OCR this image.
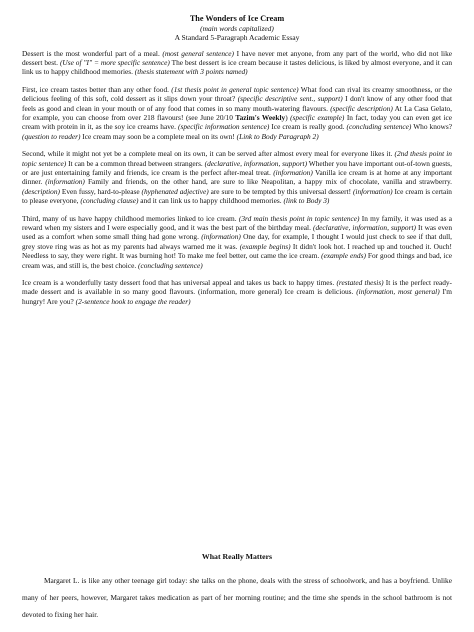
The Wonders of Ice Cream
(main words capitalized)
A Standard 5-Paragraph Academic Essay

Dessert is the most wonderful part of a meal. (most general sentence) I have never met anyone, from any part of the world, who did not like dessert best. (Use of "I" = more specific sentence) The best dessert is ice cream because it tastes delicious, is liked by almost everyone, and it can link us to happy childhood memories. (thesis statement with 3 points named)

First, ice cream tastes better than any other food. (1st thesis point in general topic sentence) What food can rival its creamy smoothness, or the delicious feeling of this soft, cold dessert as it slips down your throat? (specific descriptive sent., support) I don't know of any other food that feels as good and clean in your mouth or of any food that comes in so many mouth-watering flavours. (specific description) At La Casa Gelato, for example, you can choose from over 218 flavours! (see June 20/10 Tazim's Weekly) (specific example) In fact, today you can even get ice cream with protein in it, as the soy ice creams have. (specific information sentence) Ice cream is really good. (concluding sentence) Who knows? (question to reader) Ice cream may soon be a complete meal on its own! (Link to Body Paragraph 2)

Second, while it might not yet be a complete meal on its own, it can be served after almost every meal for everyone likes it. (2nd thesis point in topic sentence) It can be a common thread between strangers. (declarative, information, support) Whether you have important out-of-town guests, or are just entertaining family and friends, ice cream is the perfect after-meal treat. (information) Vanilla ice cream is at home at any important dinner. (information) Family and friends, on the other hand, are sure to like Neapolitan, a happy mix of chocolate, vanilla and strawberry. (description) Even fussy, hard-to-please (hyphenated adjective) are sure to be tempted by this universal dessert! (information) Ice cream is certain to please everyone, (concluding clause) and it can link us to happy childhood memories. (link to Body 3)

Third, many of us have happy childhood memories linked to ice cream. (3rd main thesis point in topic sentence) In my family, it was used as a reward when my sisters and I were especially good, and it was the best part of the birthday meal. (declarative, information, support) It was even used as a comfort when some small thing had gone wrong. (information) One day, for example, I thought I would just check to see if that dull, grey stove ring was as hot as my parents had always warned me it was. (example begins) It didn't look hot. I reached up and touched it. Ouch! Needless to say, they were right. It was burning hot! To make me feel better, out came the ice cream. (example ends) For good things and bad, ice cream was, and still is, the best choice. (concluding sentence)

Ice cream is a wonderfully tasty dessert food that has universal appeal and takes us back to happy times. (restated thesis) It is the perfect ready-made dessert and is available in so many good flavours. (information, more general) Ice cream is delicious. (information, most general) I'm hungry! Are you? (2-sentence hook to engage the reader)

What Really Matters

Margaret L. is like any other teenage girl today: she talks on the phone, deals with the stress of schoolwork, and has a boyfriend. Unlike many of her peers, however, Margaret takes medication as part of her morning routine; and the time she spends in the school bathroom is not devoted to fixing her hair.
